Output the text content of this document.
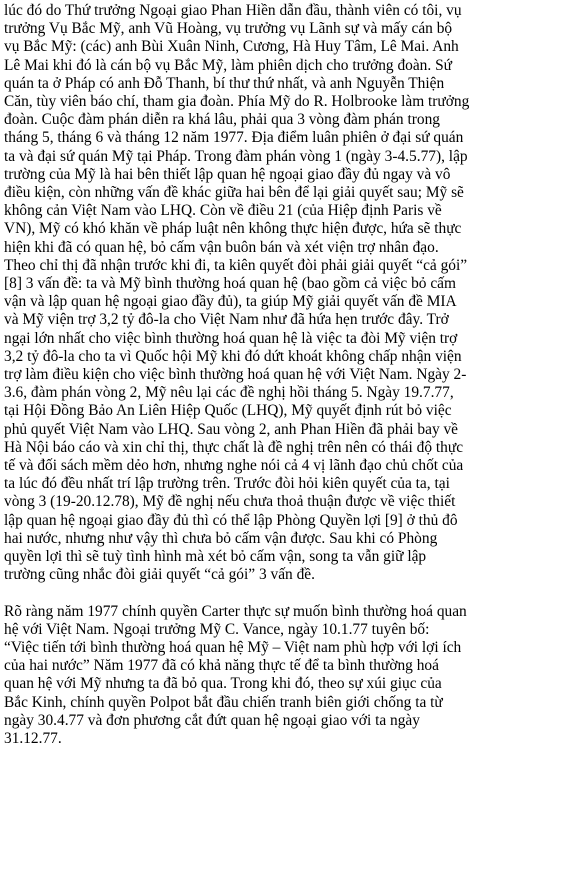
lúc đó do Thứ trưởng Ngoại giao Phan Hiền dẫn đầu, thành viên có tôi, vụ
trưởng Vụ Bắc Mỹ, anh Vũ Hoàng, vụ trưởng vụ Lãnh sự và mấy cán bộ
vụ Bắc Mỹ: (các) anh Bùi Xuân Ninh, Cương, Hà Huy Tâm, Lê Mai. Anh
Lê Mai khi đó là cán bộ vụ Bắc Mỹ, làm phiên dịch cho trưởng đoàn. Sứ
quán ta ở Pháp có anh Đỗ Thanh, bí thư thứ nhất, và anh Nguyễn Thiện
Căn, tùy viên báo chí, tham gia đoàn. Phía Mỹ do R. Holbrooke làm trưởng
đoàn. Cuộc đàm phán diễn ra khá lâu, phải qua 3 vòng đàm phán trong
tháng 5, tháng 6 và tháng 12 năm 1977. Địa điểm luân phiên ở đại sứ quán
ta và đại sứ quán Mỹ tại Pháp. Trong đàm phán vòng 1 (ngày 3-4.5.77), lập
trường của Mỹ là hai bên thiết lập quan hệ ngoại giao đầy đủ ngay và vô
điều kiện, còn những vấn đề khác giữa hai bên để lại giải quyết sau; Mỹ sẽ
không cản Việt Nam vào LHQ. Còn về điều 21 (của Hiệp định Paris về
VN), Mỹ có khó khăn về pháp luật nên không thực hiện được, hứa sẽ thực
hiện khi đã có quan hệ, bỏ cấm vận buôn bán và xét viện trợ nhân đạo.
Theo chỉ thị đã nhận trước khi đi, ta kiên quyết đòi phải giải quyết “cả gói”
[8] 3 vấn đề: ta và Mỹ bình thường hoá quan hệ (bao gồm cả việc bỏ cấm
vận và lập quan hệ ngoại giao đầy đủ), ta giúp Mỹ giải quyết vấn đề MIA
và Mỹ viện trợ 3,2 tỷ đô-la cho Việt Nam như đã hứa hẹn trước đây. Trở
ngại lớn nhất cho việc bình thường hoá quan hệ là việc ta đòi Mỹ viện trợ
3,2 tỷ đô-la cho ta vì Quốc hội Mỹ khi đó dứt khoát không chấp nhận viện
trợ làm điều kiện cho việc bình thường hoá quan hệ với Việt Nam. Ngày 2-
3.6, đàm phán vòng 2, Mỹ nêu lại các đề nghị hồi tháng 5. Ngày 19.7.77,
tại Hội Đồng Bảo An Liên Hiệp Quốc (LHQ), Mỹ quyết định rút bỏ việc
phủ quyết Việt Nam vào LHQ. Sau vòng 2, anh Phan Hiền đã phải bay về
Hà Nội báo cáo và xin chỉ thị, thực chất là đề nghị trên nên có thái độ thực
tế và đối sách mềm dẻo hơn, nhưng nghe nói cả 4 vị lãnh đạo chủ chốt của
ta lúc đó đều nhất trí lập trường trên. Trước đòi hỏi kiên quyết của ta, tại
vòng 3 (19-20.12.78), Mỹ đề nghị nếu chưa thoả thuận được về việc thiết
lập quan hệ ngoại giao đầy đủ thì có thể lập Phòng Quyền lợi [9] ở thủ đô
hai nước, nhưng như vậy thì chưa bỏ cấm vận được. Sau khi có Phòng
quyền lợi thì sẽ tuỳ tình hình mà xét bỏ cấm vận, song ta vẫn giữ lập
trường cũng nhắc đòi giải quyết “cả gói” 3 vấn đề.
Rõ ràng năm 1977 chính quyền Carter thực sự muốn bình thường hoá quan
hệ với Việt Nam. Ngoại trưởng Mỹ C. Vance, ngày 10.1.77 tuyên bố:
“Việc tiến tới bình thường hoá quan hệ Mỹ – Việt nam phù hợp với lợi ích
của hai nước” Năm 1977 đã có khả năng thực tế để ta bình thường hoá
quan hệ với Mỹ nhưng ta đã bỏ qua. Trong khi đó, theo sự xúi giục của
Bắc Kinh, chính quyền Polpot bắt đầu chiến tranh biên giới chống ta từ
ngày 30.4.77 và đơn phương cắt đứt quan hệ ngoại giao với ta ngày
31.12.77.
